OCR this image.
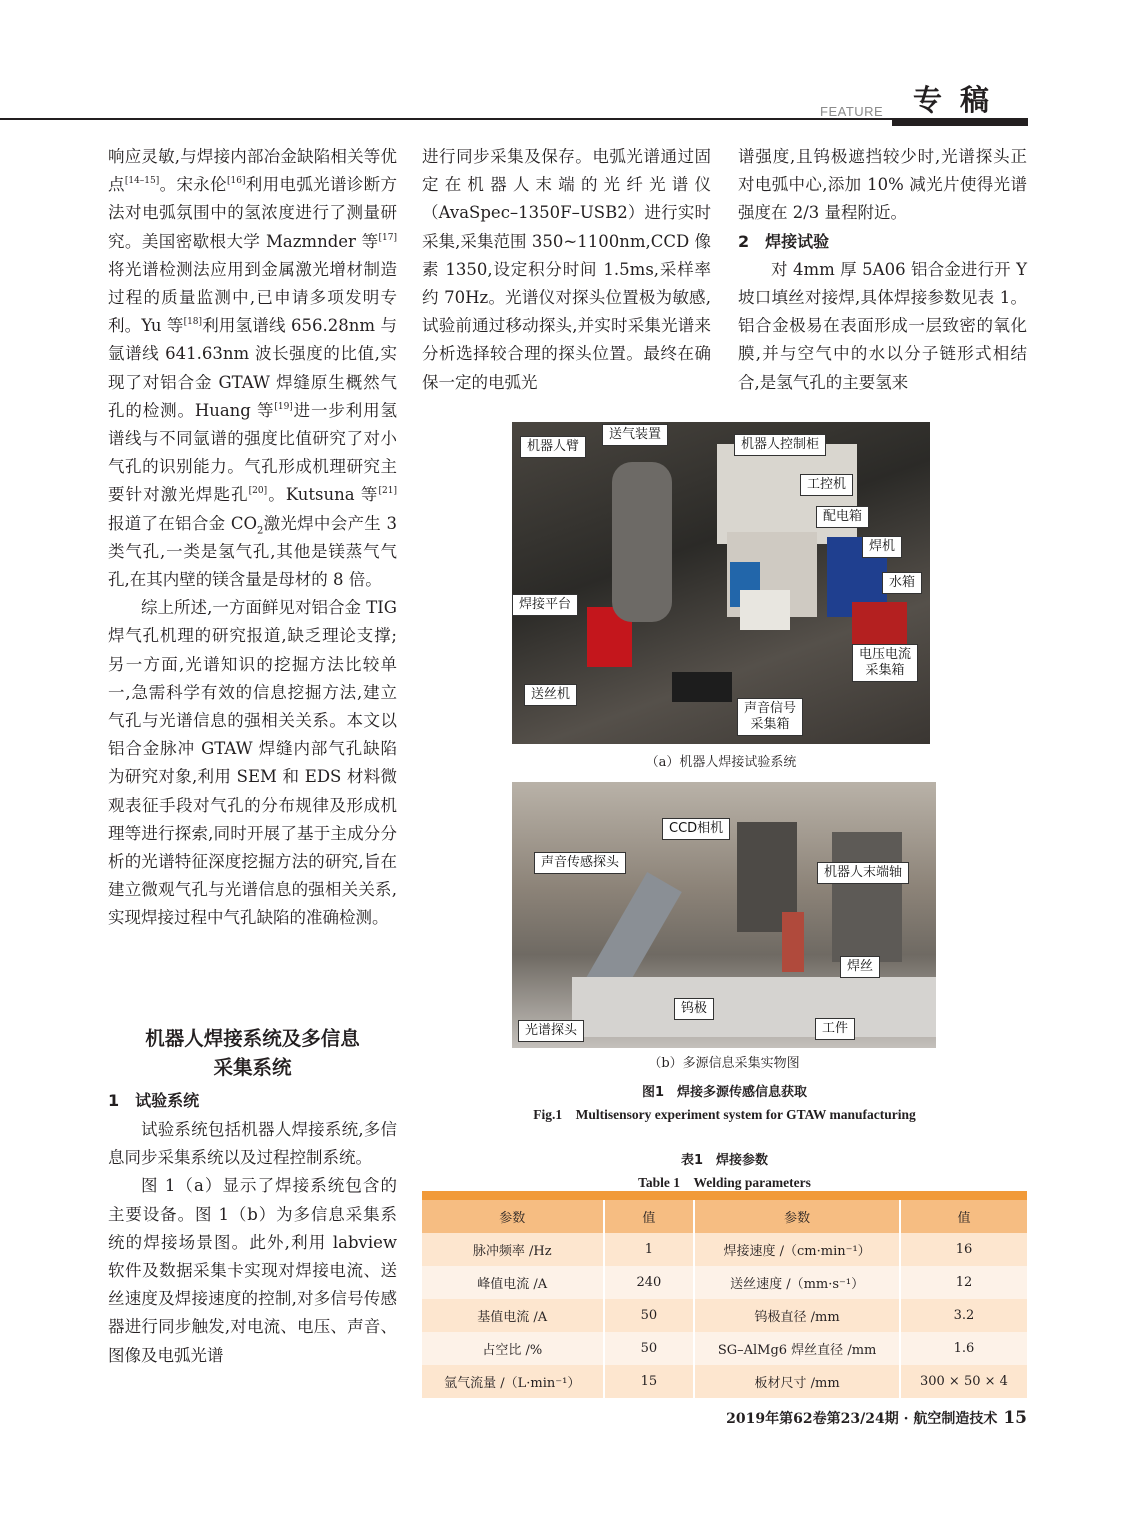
FEATURE	专稿

响应灵敏,与焊接内部冶金缺陷相关等优点[14–15]。宋永伦[16]利用电弧光谱诊断方法对电弧氛围中的氢浓度进行了测量研究。美国密歇根大学 Mazmnder 等[17]将光谱检测法应用到金属激光增材制造过程的质量监测中,已申请多项发明专利。Yu 等[18]利用氢谱线 656.28nm 与氩谱线 641.63nm 波长强度的比值,实现了对铝合金 GTAW 焊缝原生概然气孔的检测。Huang 等[19]进一步利用氢谱线与不同氩谱的强度比值研究了对小气孔的识别能力。气孔形成机理研究主要针对激光焊匙孔[20]。Kutsuna 等[21]报道了在铝合金 $CO_2$激光焊中会产生 3 类气孔,一类是氢气孔,其他是镁蒸气气孔,在其内壁的镁含量是母材的 8 倍。

综上所述,一方面鲜见对铝合金 TIG 焊气孔机理的研究报道,缺乏理论支撑;另一方面,光谱知识的挖掘方法比较单一,急需科学有效的信息挖掘方法,建立气孔与光谱信息的强相关关系。本文以铝合金脉冲 GTAW 焊缝内部气孔缺陷为研究对象,利用 SEM 和 EDS 材料微观表征手段对气孔的分布规律及形成机理等进行探索,同时开展了基于主成分分析的光谱特征深度挖掘方法的研究,旨在建立微观气孔与光谱信息的强相关关系,实现焊接过程中气孔缺陷的准确检测。

机器人焊接系统及多信息
采集系统
1　试验系统

试验系统包括机器人焊接系统,多信息同步采集系统以及过程控制系统。

图 1（a）显示了焊接系统包含的主要设备。图 1（b）为多信息采集系统的焊接场景图。此外,利用 labview 软件及数据采集卡实现对焊接电流、送丝速度及焊接速度的控制,对多信号传感器进行同步触发,对电流、电压、声音、图像及电弧光谱

进行同步采集及保存。电弧光谱通过固定在机器人末端的光纤光谱仪（AvaSpec–1350F–USB2）进行实时采集,采集范围 350~1100nm,CCD 像素 1350,设定积分时间 1.5ms,采样率约 70Hz。光谱仪对探头位置极为敏感,试验前通过移动探头,并实时采集光谱来分析选择较合理的探头位置。最终在确保一定的电弧光

谱强度,且钨极遮挡较少时,光谱探头正对电弧中心,添加 10% 减光片使得光谱强度在 2/3 量程附近。

2　焊接试验

对 4mm 厚 5A06 铝合金进行开 Y 坡口填丝对接焊,具体焊接参数见表 1。铝合金极易在表面形成一层致密的氧化膜,并与空气中的水以分子链形式相结合,是氢气孔的主要氢来

机器人臂
送气装置
机器人控制柜
工控机
配电箱
焊机
水箱
焊接平台
电压电流
采集箱
送丝机
声音信号
采集箱
（a）机器人焊接试验系统
CCD相机
声音传感探头
机器人末端轴
焊丝
钨极
光谱探头	工件
（b）多源信息采集实物图
图1　焊接多源传感信息获取
Fig.1　Multisensory experiment system for GTAW manufacturing
表1　焊接参数
Table 1　Welding parameters
参数	值	参数	值
脉冲频率 /Hz	1	焊接速度 /（cm·min⁻¹）	16
峰值电流 /A	240	送丝速度 /（mm·s⁻¹）	12
基值电流 /A	50	钨极直径 /mm	3.2
占空比 /%	50	SG–AlMg6 焊丝直径 /mm	1.6
氩气流量 /（L·min⁻¹）	15	板材尺寸 /mm	300 × 50 × 4
2019年第62卷第23/24期 · 航空制造技术 15
